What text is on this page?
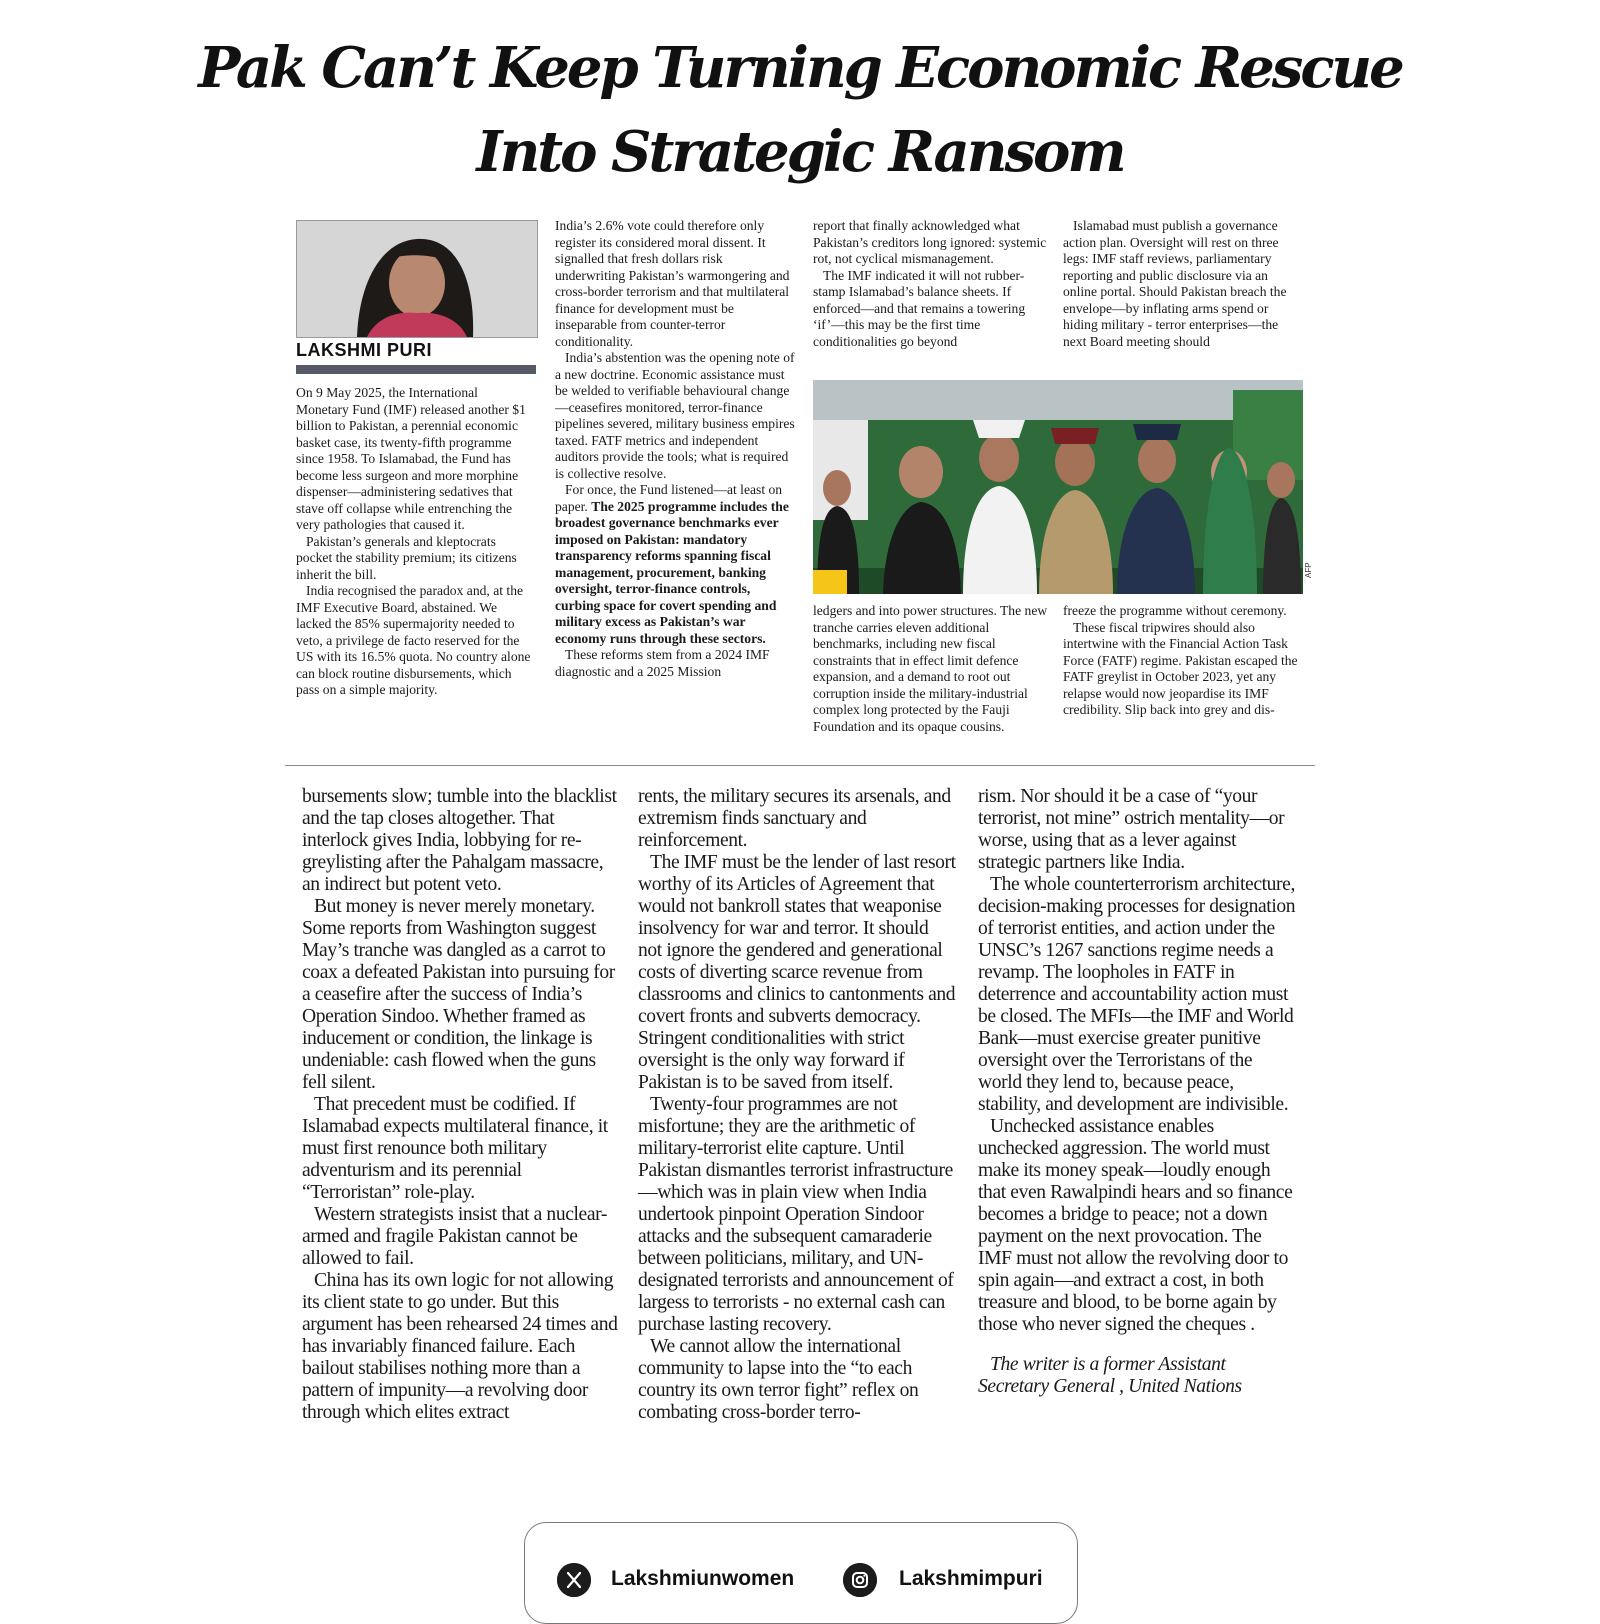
Pak Can’t Keep Turning Economic Rescue
Into Strategic Ransom
LAKSHMI PURI

On 9 May 2025, the International Monetary Fund (IMF) released another $1 billion to Pakistan, a perennial economic basket case, its twenty-fifth programme since 1958. To Islamabad, the Fund has become less surgeon and more morphine dispenser—administering sedatives that stave off collapse while entrenching the very pathologies that caused it.

Pakistan’s generals and kleptocrats pocket the stability premium; its citizens inherit the bill.

India recognised the paradox and, at the IMF Executive Board, abstained. We lacked the 85% supermajority needed to veto, a privilege de facto reserved for the US with its 16.5% quota. No country alone can block routine disbursements, which pass on a simple majority.

India’s 2.6% vote could therefore only register its considered moral dissent. It signalled that fresh dollars risk underwriting Pakistan’s warmongering and cross-border terrorism and that multilateral finance for development must be inseparable from counter-terror conditionality.

India’s abstention was the opening note of a new doctrine. Economic assistance must be welded to verifiable behavioural change—ceasefires monitored, terror-finance pipelines severed, military business empires taxed. FATF metrics and independent auditors provide the tools; what is required is collective resolve.

For once, the Fund listened—at least on paper. The 2025 programme includes the broadest governance benchmarks ever imposed on Pakistan: mandatory transparency reforms spanning fiscal management, procurement, banking oversight, terror-finance controls, curbing space for covert spending and military excess as Pakistan’s war economy runs through these sectors.

These reforms stem from a 2024 IMF diagnostic and a 2025 Mission

report that finally acknowledged what Pakistan’s creditors long ignored: systemic rot, not cyclical mismanagement.

The IMF indicated it will not rubber-stamp Islamabad’s balance sheets. If enforced—and that remains a towering ‘if’—this may be the first time conditionalities go beyond

Islamabad must publish a governance action plan. Oversight will rest on three legs: IMF staff reviews, parliamentary reporting and public disclosure via an online portal. Should Pakistan breach the envelope—by inflating arms spend or hiding military - terror enterprises—the next Board meeting should

AFP

ledgers and into power structures. The new tranche carries eleven additional benchmarks, including new fiscal constraints that in effect limit defence expansion, and a demand to root out corruption inside the military-industrial complex long protected by the Fauji Foundation and its opaque cousins.

freeze the programme without ceremony.

These fiscal tripwires should also intertwine with the Financial Action Task Force (FATF) regime. Pakistan escaped the FATF greylist in October 2023, yet any relapse would now jeopardise its IMF credibility. Slip back into grey and dis-

bursements slow; tumble into the blacklist and the tap closes altogether. That interlock gives India, lobbying for re-greylisting after the Pahalgam massacre, an indirect but potent veto.

But money is never merely monetary. Some reports from Washington suggest May’s tranche was dangled as a carrot to coax a defeated Pakistan into pursuing for a ceasefire after the success of India’s Operation Sindoo. Whether framed as inducement or condition, the linkage is undeniable: cash flowed when the guns fell silent.

That precedent must be codified. If Islamabad expects multilateral finance, it must first renounce both military adventurism and its perennial “Terroristan” role-play.

Western strategists insist that a nuclear-armed and fragile Pakistan cannot be allowed to fail.

China has its own logic for not allowing its client state to go under. But this argument has been rehearsed 24 times and has invariably financed failure. Each bailout stabilises nothing more than a pattern of impunity—a revolving door through which elites extract

rents, the military secures its arsenals, and extremism finds sanctuary and reinforcement.

The IMF must be the lender of last resort worthy of its Articles of Agreement that would not bankroll states that weaponise insolvency for war and terror. It should not ignore the gendered and generational costs of diverting scarce revenue from classrooms and clinics to cantonments and covert fronts and subverts democracy. Stringent conditionalities with strict oversight is the only way forward if Pakistan is to be saved from itself.

Twenty-four programmes are not misfortune; they are the arithmetic of military-terrorist elite capture. Until Pakistan dismantles terrorist infrastructure—which was in plain view when India undertook pinpoint Operation Sindoor attacks and the subsequent camaraderie between politicians, military, and UN-designated terrorists and announcement of largess to terrorists - no external cash can purchase lasting recovery.

We cannot allow the international community to lapse into the “to each country its own terror fight” reflex on combating cross-border terro-

rism. Nor should it be a case of “your terrorist, not mine” ostrich mentality—or worse, using that as a lever against strategic partners like India.

The whole counterterrorism architecture, decision-making processes for designation of terrorist entities, and action under the UNSC’s 1267 sanctions regime needs a revamp. The loopholes in FATF in deterrence and accountability action must be closed. The MFIs—the IMF and World Bank—must exercise greater punitive oversight over the Terroristans of the world they lend to, because peace, stability, and development are indivisible.

Unchecked assistance enables unchecked aggression. The world must make its money speak—loudly enough that even Rawalpindi hears and so finance becomes a bridge to peace; not a down payment on the next provocation. The IMF must not allow the revolving door to spin again—and extract a cost, in both treasure and blood, to be borne again by those who never signed the cheques .

The writer is a former Assistant Secretary General , United Nations

Lakshmiunwomen	Lakshmimpuri
